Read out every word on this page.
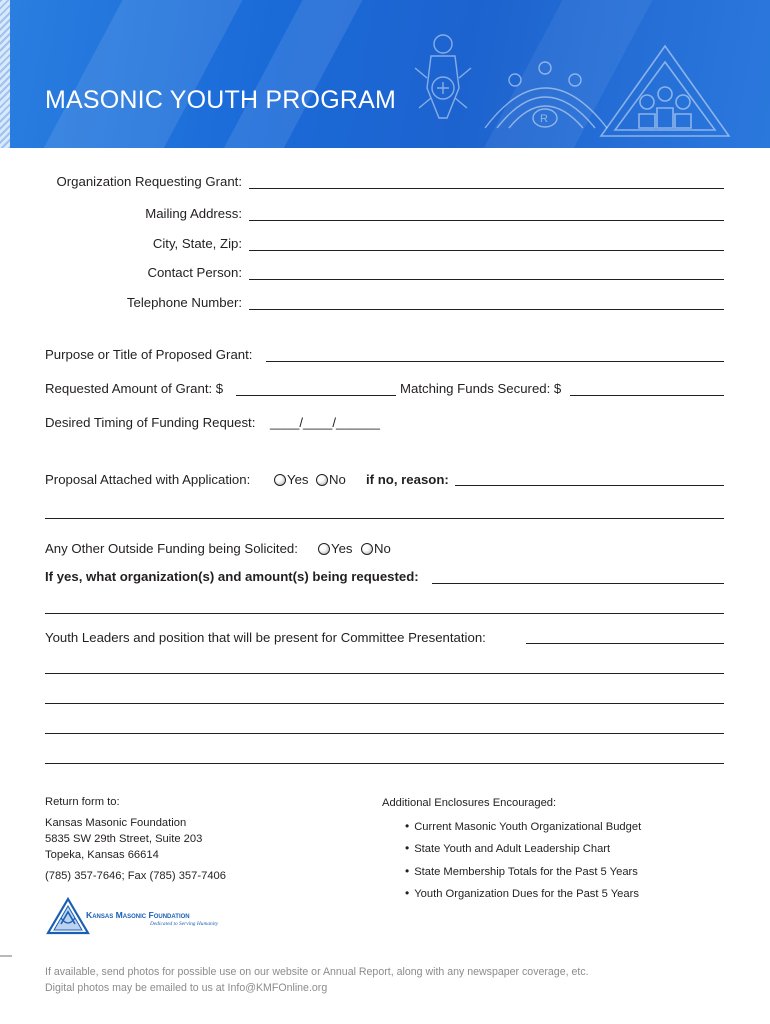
MASONIC YOUTH PROGRAM
R
Organization Requesting Grant:
Mailing Address:
City, State, Zip:
Contact Person:
Telephone Number:
Purpose or Title of Proposed Grant:
Requested Amount of Grant: $	Matching Funds Secured: $
Desired Timing of Funding Request: ____/____/______
Proposal Attached with Application:	Yes	No if no, reason:
Any Other Outside Funding being Solicited:	Yes	No
If yes, what organization(s) and amount(s) being requested:
Youth Leaders and position that will be present for Committee Presentation:
Return form to:
Kansas Masonic Foundation
5835 SW 29th Street, Suite 203
Topeka, Kansas 66614
(785) 357-7646; Fax (785) 357-7406
Additional Enclosures Encouraged:
• Current Masonic Youth Organizational Budget
• State Youth and Adult Leadership Chart
• State Membership Totals for the Past 5 Years
• Youth Organization Dues for the Past 5 Years
Kansas Masonic Foundation
Dedicated to Serving Humanity
If available, send photos for possible use on our website or Annual Report, along with any newspaper coverage, etc.
Digital photos may be emailed to us at Info@KMFOnline.org
